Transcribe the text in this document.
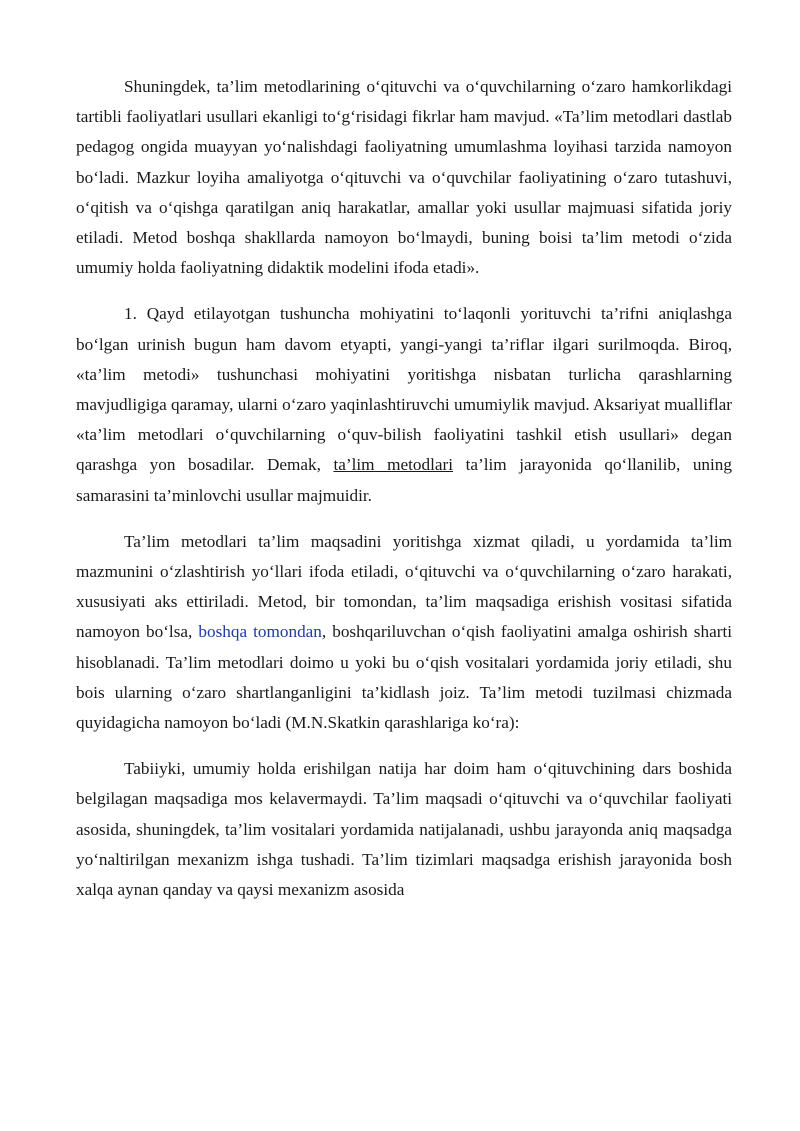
Shuningdek, ta’lim metodlarining o‘qituvchi va o‘quvchilarning o‘zaro hamkorlikdagi tartibli faoliyatlari usullari ekanligi to‘g‘risidagi fikrlar ham mavjud. «Ta’lim metodlari dastlab pedagog ongida muayyan yo‘nalishdagi faoliyatning umumlashma loyihasi tarzida namoyon bo‘ladi. Mazkur loyiha amaliyotga o‘qituvchi va o‘quvchilar faoliyatining o‘zaro tutashuvi, o‘qitish va o‘qishga qaratilgan aniq harakatlar, amallar yoki usullar majmuasi sifatida joriy etiladi. Metod boshqa shakllarda namoyon bo‘lmaydi, buning boisi ta’lim metodi o‘zida umumiy holda faoliyatning didaktik modelini ifoda etadi».

1. Qayd etilayotgan tushuncha mohiyatini to‘laqonli yorituvchi ta’rifni aniqlashga bo‘lgan urinish bugun ham davom etyapti, yangi-yangi ta’riflar ilgari surilmoqda. Biroq, «ta’lim metodi» tushunchasi mohiyatini yoritishga nisbatan turlicha qarashlarning mavjudligiga qaramay, ularni o‘zaro yaqinlashtiruvchi umumiylik mavjud. Aksariyat mualliflar «ta’lim metodlari o‘quvchilarning o‘quv-bilish faoliyatini tashkil etish usullari» degan qarashga yon bosadilar. Demak, ta’lim metodlari ta’lim jarayonida qo‘llanilib, uning samarasini ta’minlovchi usullar majmuidir.

Ta’lim metodlari ta’lim maqsadini yoritishga xizmat qiladi, u yordamida ta’lim mazmunini o‘zlashtirish yo‘llari ifoda etiladi, o‘qituvchi va o‘quvchilarning o‘zaro harakati, xususiyati aks ettiriladi. Metod, bir tomondan, ta’lim maqsadiga erishish vositasi sifatida namoyon bo‘lsa, boshqa tomondan, boshqariluvchan o‘qish faoliyatini amalga oshirish sharti hisoblanadi. Ta’lim metodlari doimo u yoki bu o‘qish vositalari yordamida joriy etiladi, shu bois ularning o‘zaro shartlanganligini ta’kidlash joiz. Ta’lim metodi tuzilmasi chizmada quyidagicha namoyon bo‘ladi (M.N.Skatkin qarashlariga ko‘ra):

Tabiiyki, umumiy holda erishilgan natija har doim ham o‘qituvchining dars boshida belgilagan maqsadiga mos kelavermaydi. Ta’lim maqsadi o‘qituvchi va o‘quvchilar faoliyati asosida, shuningdek, ta’lim vositalari yordamida natijalanadi, ushbu jarayonda aniq maqsadga yo‘naltirilgan mexanizm ishga tushadi. Ta’lim tizimlari maqsadga erishish jarayonida bosh xalqa aynan qanday va qaysi mexanizm asosida
